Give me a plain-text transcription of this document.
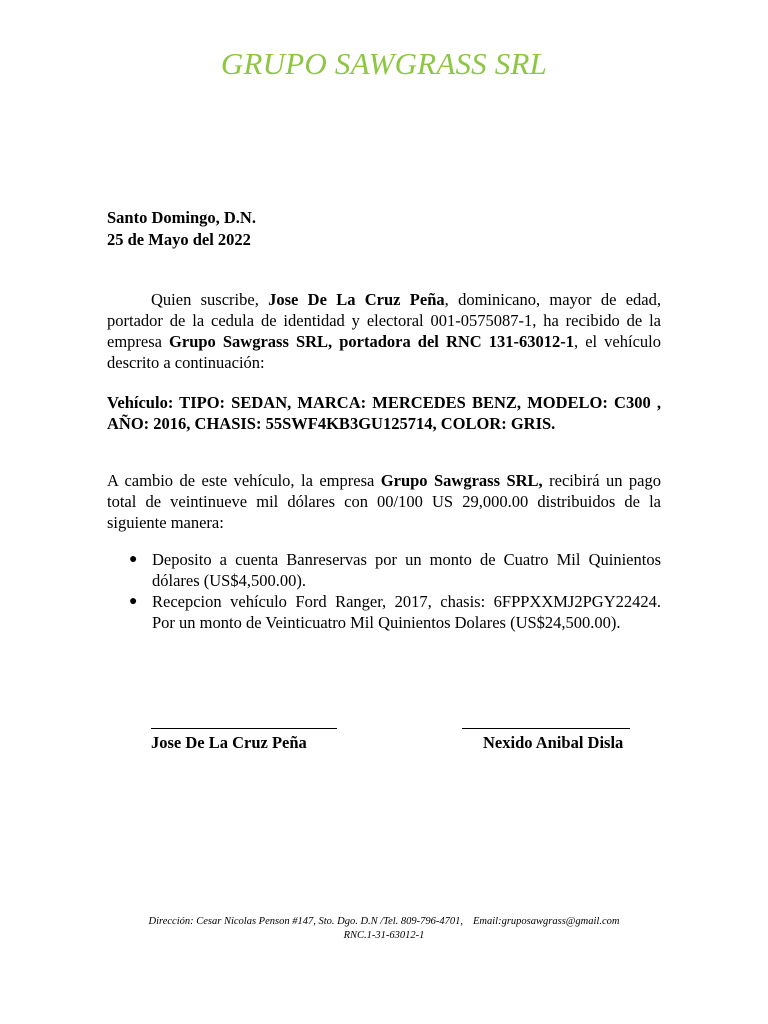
GRUPO SAWGRASS SRL
Santo Domingo, D.N.
25 de Mayo del 2022
Quien suscribe, Jose De La Cruz Peña, dominicano, mayor de edad, portador de la cedula de identidad y electoral 001-0575087-1, ha recibido de la empresa Grupo Sawgrass SRL, portadora del RNC 131-63012-1, el vehículo descrito a continuación:
Vehículo: TIPO: SEDAN, MARCA: MERCEDES BENZ, MODELO: C300 , AÑO: 2016, CHASIS: 55SWF4KB3GU125714, COLOR: GRIS.
A cambio de este vehículo, la empresa Grupo Sawgrass SRL, recibirá un pago total de veintinueve mil dólares con 00/100 US 29,000.00 distribuidos de la siguiente manera:
● Deposito a cuenta Banreservas por un monto de Cuatro Mil Quinientos dólares (US$4,500.00).
● Recepcion vehículo Ford Ranger, 2017, chasis: 6FPPXXMJ2PGY22424. Por un monto de Veinticuatro Mil Quinientos Dolares (US$24,500.00).
Jose De La Cruz Peña	Nexido Anibal Disla
Dirección: Cesar Nicolas Penson #147, Sto. Dgo. D.N /Tel. 809-796-4701, Email:gruposawgrass@gmail.com
RNC.1-31-63012-1
